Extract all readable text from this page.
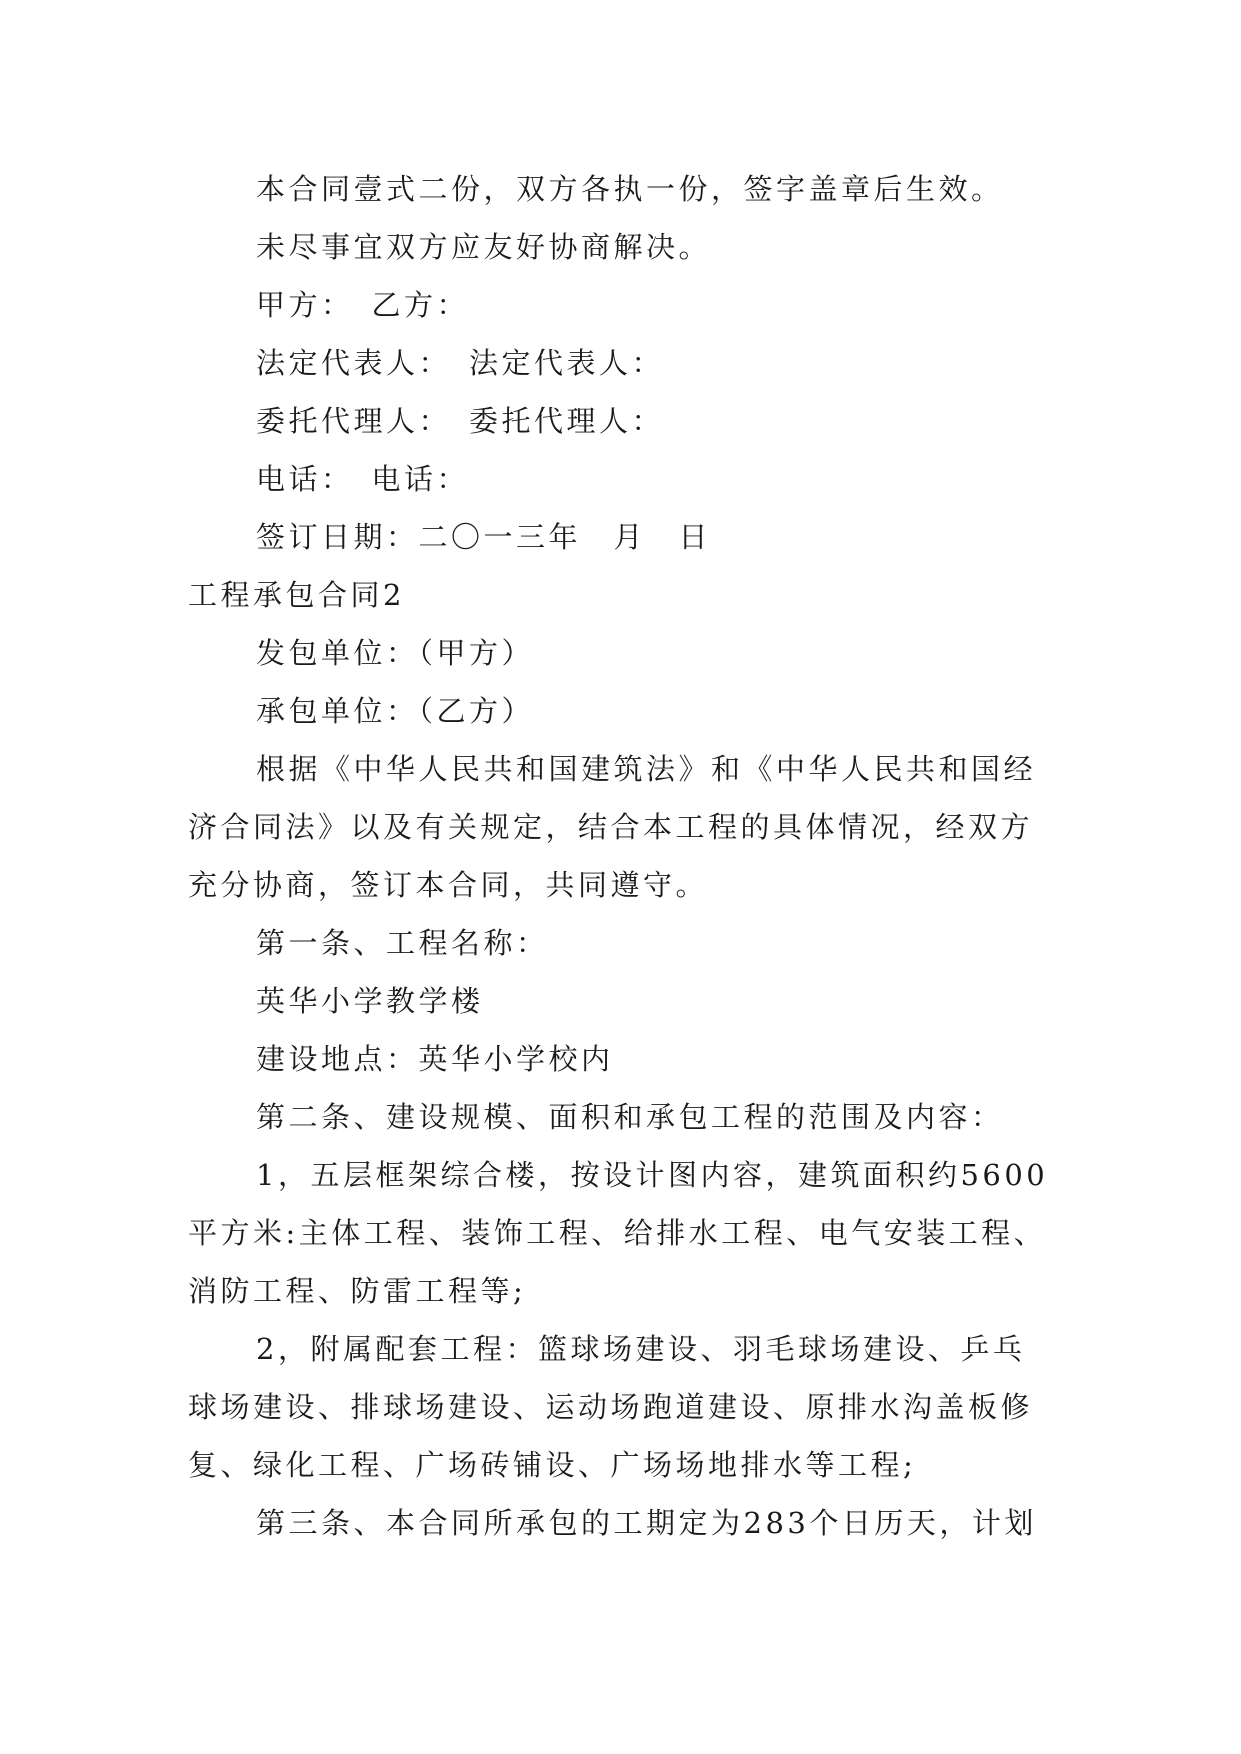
本合同壹式二份，双方各执一份，签字盖章后生效。
未尽事宜双方应友好协商解决。
甲方：　乙方：
法定代表人：　法定代表人：
委托代理人：　委托代理人：
电话：　电话：
签订日期：二〇一三年　月　日
工程承包合同2
发包单位：（甲方）
承包单位：（乙方）
根据《中华人民共和国建筑法》和《中华人民共和国经
济合同法》以及有关规定，结合本工程的具体情况，经双方
充分协商，签订本合同，共同遵守。
第一条、工程名称：
英华小学教学楼
建设地点：英华小学校内
第二条、建设规模、面积和承包工程的范围及内容：
1，五层框架综合楼，按设计图内容，建筑面积约5600
平方米:主体工程、装饰工程、给排水工程、电气安装工程、
消防工程、防雷工程等;
2，附属配套工程：篮球场建设、羽毛球场建设、乒乓
球场建设、排球场建设、运动场跑道建设、原排水沟盖板修
复、绿化工程、广场砖铺设、广场场地排水等工程;
第三条、本合同所承包的工期定为283个日历天，计划
